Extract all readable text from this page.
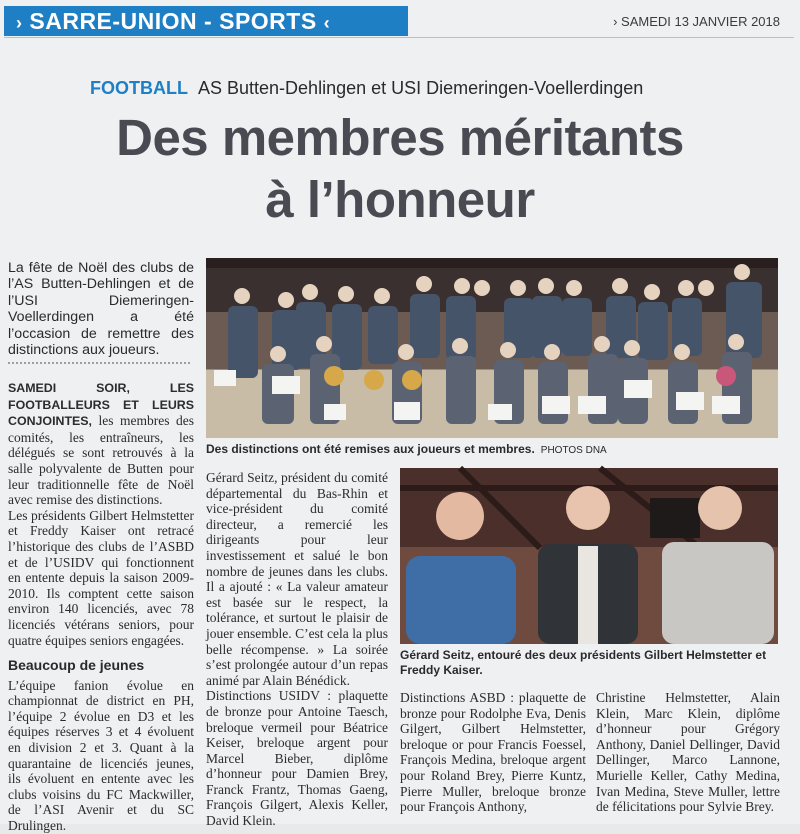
› SARRE-UNION - SPORTS ‹	› SAMEDI 13 JANVIER 2018
FOOTBALL AS Butten-Dehlingen et USI Diemeringen-Voellerdingen
Des membres méritants
à l’honneur
La fête de Noël des clubs de l’AS Butten-Dehlingen et de l’USI Diemeringen-Voellerdingen a été l’occasion de remettre des distinctions aux joueurs.

SAMEDI SOIR, LES FOOTBALLEURS ET LEURS CONJOINTES, les membres des comités, les entraîneurs, les délégués se sont retrouvés à la salle polyvalente de Butten pour leur traditionnelle fête de Noël avec remise des distinctions.

Les présidents Gilbert Helmstetter et Freddy Kaiser ont retracé l’historique des clubs de l’ASBD et de l’USIDV qui fonctionnent en entente depuis la saison 2009-2010. Ils comptent cette saison environ 140 licenciés, avec 78 licenciés vétérans seniors, pour quatre équipes seniors engagées.

Beaucoup de jeunes

L’équipe fanion évolue en championnat de district en PH, l’équipe 2 évolue en D3 et les équipes réserves 3 et 4 évoluent en division 2 et 3. Quant à la quarantaine de licenciés jeunes, ils évoluent en entente avec les clubs voisins du FC Mackwiller, de l’ASI Avenir et du SC Drulingen.

Des distinctions ont été remises aux joueurs et membres. PHOTOS DNA

Gérard Seitz, président du comité départemental du Bas-Rhin et vice-président du comité directeur, a remercié les dirigeants pour leur investissement et salué le bon nombre de jeunes dans les clubs. Il a ajouté : « La valeur amateur est basée sur le respect, la tolérance, et surtout le plaisir de jouer ensemble. C’est cela la plus belle récompense. » La soirée s’est prolongée autour d’un repas animé par Alain Bénédick.

Distinctions USIDV : plaquette de bronze pour Antoine Taesch, breloque vermeil pour Béatrice Keiser, breloque argent pour Marcel Bieber, diplôme d’honneur pour Damien Brey, Franck Frantz, Thomas Gaeng, François Gilgert, Alexis Keller, David Klein.

Gérard Seitz, entouré des deux présidents Gilbert Helmstetter et Freddy Kaiser.
Distinctions ASBD : plaquette de bronze pour Rodolphe Eva, Denis Gilgert, Gilbert Helmstetter, breloque or pour Francis Foessel, François Medina, breloque argent pour Roland Brey, Pierre Kuntz, Pierre Muller, breloque bronze pour François Anthony,
Christine Helmstetter, Alain Klein, Marc Klein, diplôme d’honneur pour Grégory Anthony, Daniel Dellinger, David Dellinger, Marco Lannone, Murielle Keller, Cathy Medina, Ivan Medina, Steve Muller, lettre de félicitations pour Sylvie Brey.
